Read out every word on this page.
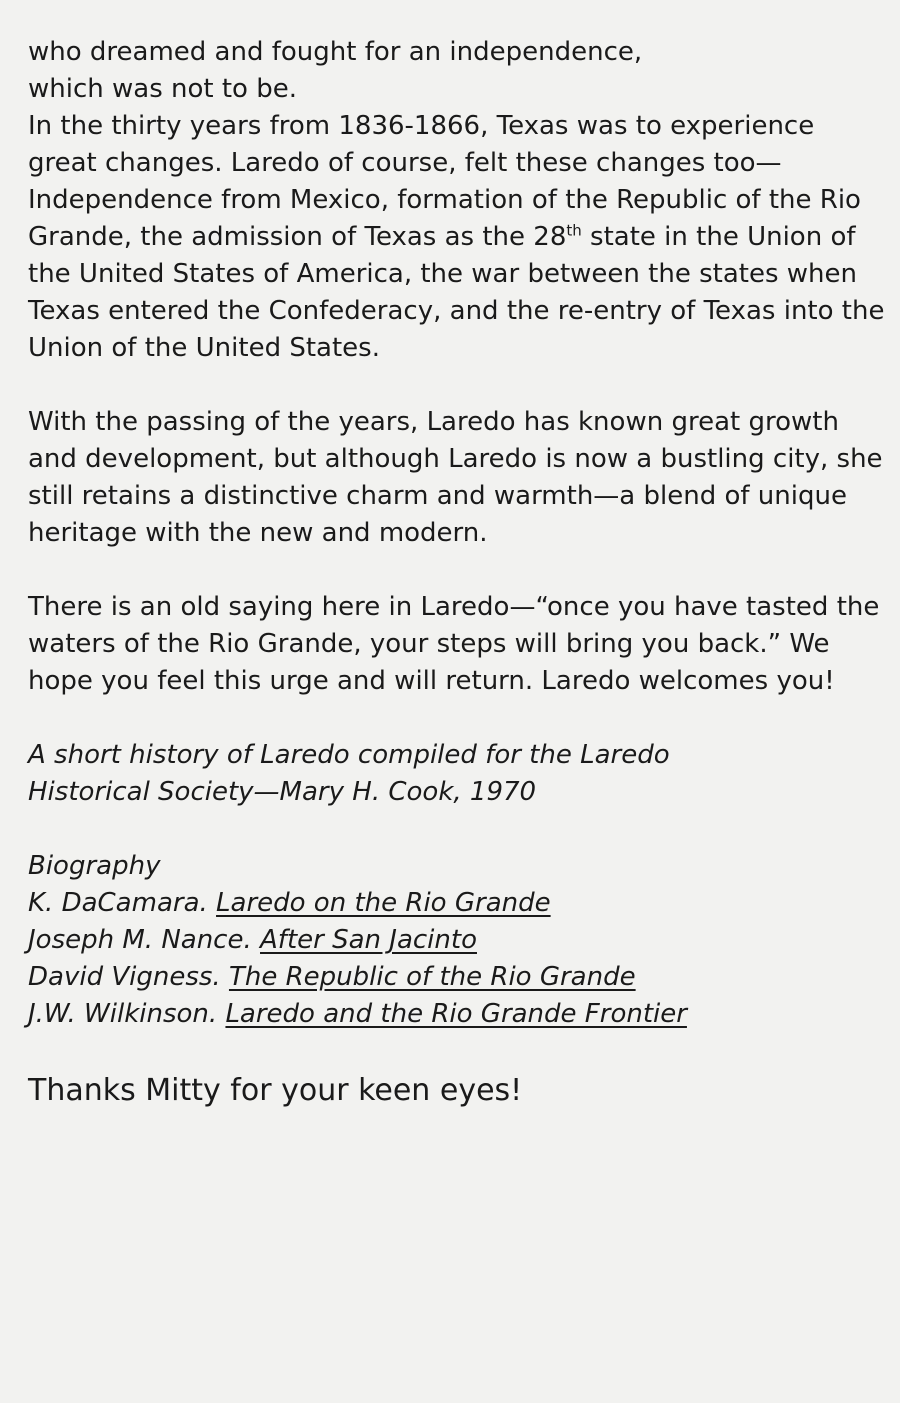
who dreamed and fought for an independence,

which was not to be.

In the thirty years from 1836-1866, Texas was to experience great changes. Laredo of course, felt these changes too—Independence from Mexico, formation of the Republic of the Rio Grande, the admission of Texas as the 28th state in the Union of the United States of America, the war between the states when Texas entered the Confederacy, and the re-entry of Texas into the Union of the United States.

With the passing of the years, Laredo has known great growth and development, but although Laredo is now a bustling city, she still retains a distinctive charm and warmth—a blend of unique heritage with the new and modern.

There is an old saying here in Laredo—“once you have tasted the waters of the Rio Grande, your steps will bring you back.” We hope you feel this urge and will return. Laredo welcomes you!

A short history of Laredo compiled for the Laredo

Historical Society—Mary H. Cook, 1970

Biography

K. DaCamara. Laredo on the Rio Grande

Joseph M. Nance. After San Jacinto

David Vigness. The Republic of the Rio Grande

J.W. Wilkinson. Laredo and the Rio Grande Frontier

Thanks Mitty for your keen eyes!
